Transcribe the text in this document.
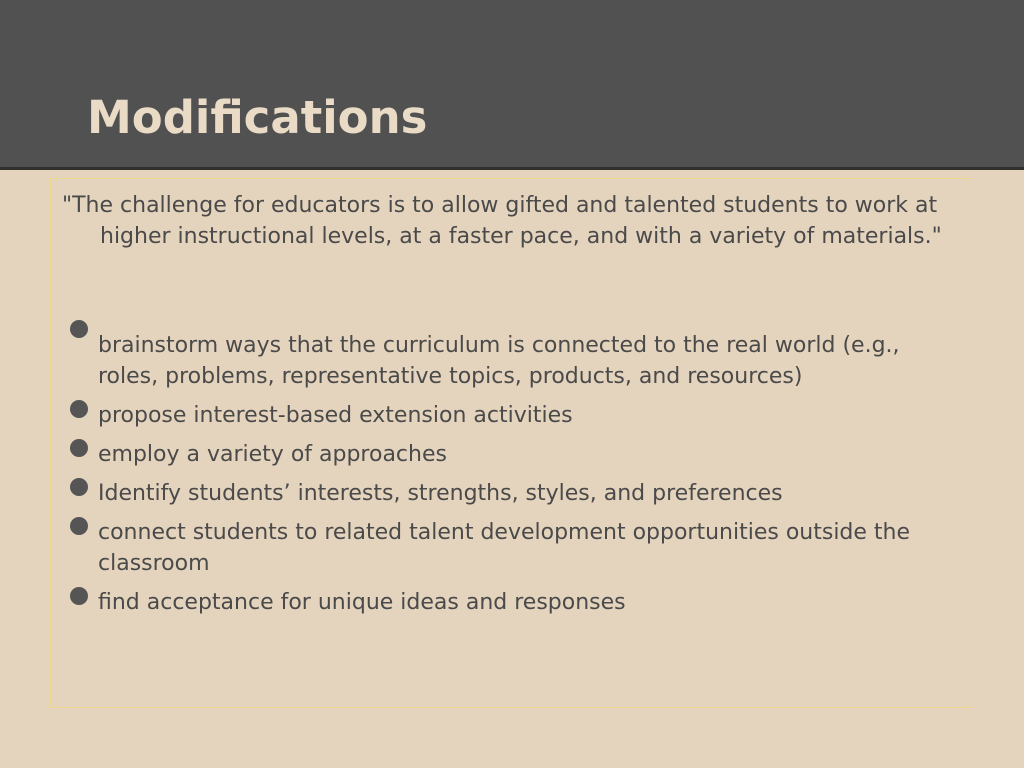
Modifications

"The challenge for educators is to allow gifted and talented students to work at higher instructional levels, at a faster pace, and with a variety of materials."

brainstorm ways that the curriculum is connected to the real world (e.g., roles, problems, representative topics, products, and resources)
propose interest-based extension activities
employ a variety of approaches
Identify students’ interests, strengths, styles, and preferences
connect students to related talent development opportunities outside the classroom
find acceptance for unique ideas and responses
